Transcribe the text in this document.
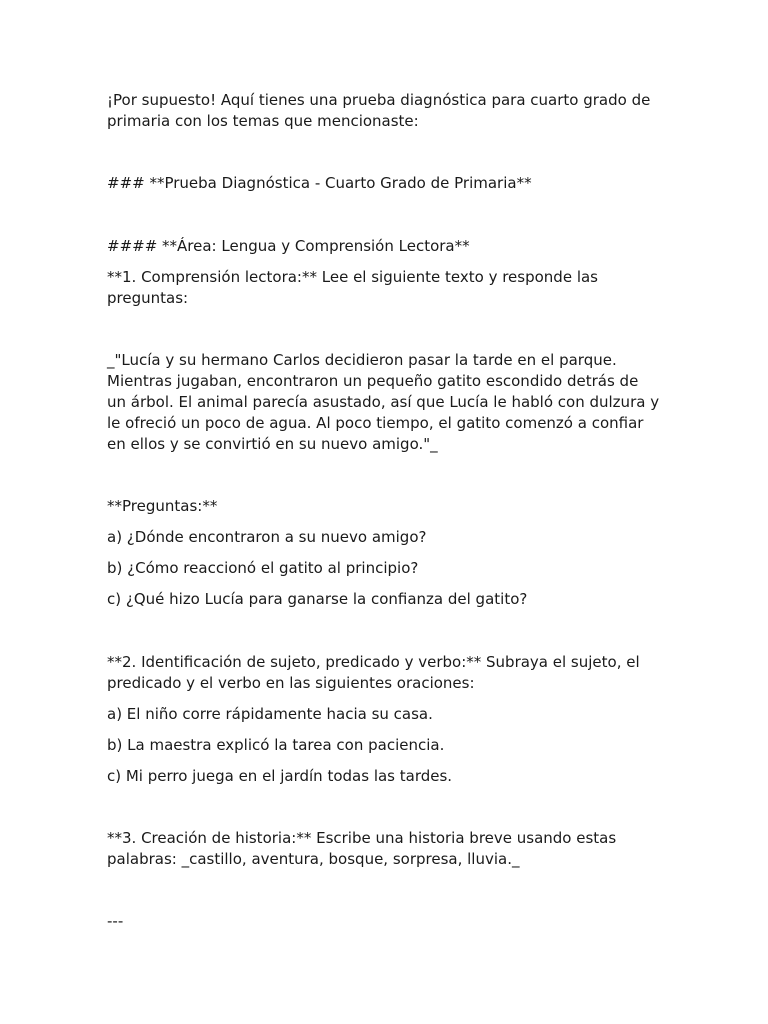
¡Por supuesto! Aquí tienes una prueba diagnóstica para cuarto grado de
primaria con los temas que mencionaste:
### **Prueba Diagnóstica - Cuarto Grado de Primaria**
#### **Área: Lengua y Comprensión Lectora**
**1. Comprensión lectora:** Lee el siguiente texto y responde las
preguntas:
_"Lucía y su hermano Carlos decidieron pasar la tarde en el parque.
Mientras jugaban, encontraron un pequeño gatito escondido detrás de
un árbol. El animal parecía asustado, así que Lucía le habló con dulzura y
le ofreció un poco de agua. Al poco tiempo, el gatito comenzó a confiar
en ellos y se convirtió en su nuevo amigo."_
**Preguntas:**
a) ¿Dónde encontraron a su nuevo amigo?
b) ¿Cómo reaccionó el gatito al principio?
c) ¿Qué hizo Lucía para ganarse la confianza del gatito?
**2. Identificación de sujeto, predicado y verbo:** Subraya el sujeto, el
predicado y el verbo en las siguientes oraciones:
a) El niño corre rápidamente hacia su casa.
b) La maestra explicó la tarea con paciencia.
c) Mi perro juega en el jardín todas las tardes.
**3. Creación de historia:** Escribe una historia breve usando estas
palabras: _castillo, aventura, bosque, sorpresa, lluvia._
---
